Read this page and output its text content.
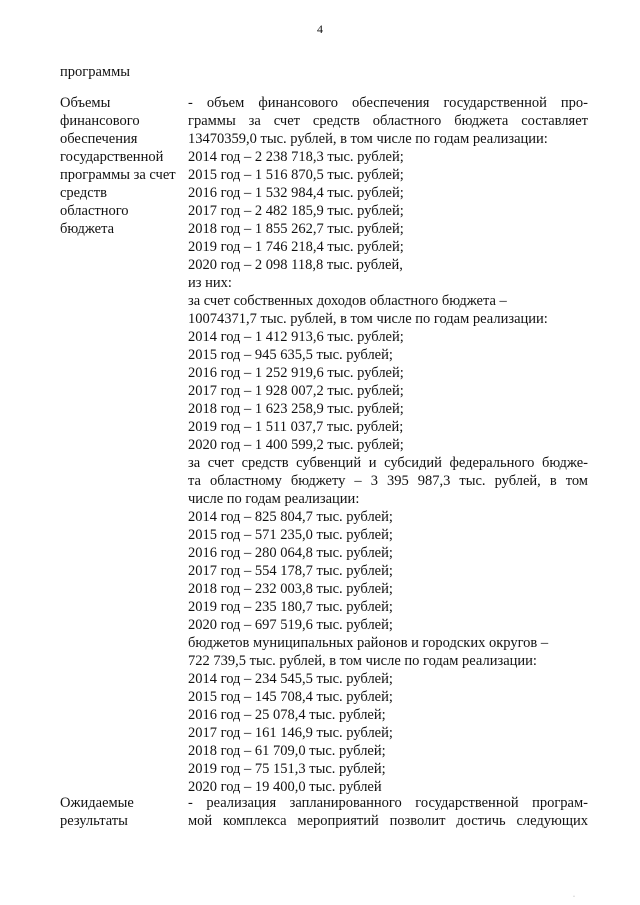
4
программы
Объемы
финансового
обеспечения
государственной
программы за счет
средств
областного
бюджета
- объем финансового обеспечения государственной про-
граммы за счет средств областного бюджета составляет
13470359,0 тыс. рублей, в том числе по годам реализации:
2014 год – 2 238 718,3 тыс. рублей;
2015 год – 1 516 870,5 тыс. рублей;
2016 год – 1 532 984,4 тыс. рублей;
2017 год – 2 482 185,9 тыс. рублей;
2018 год – 1 855 262,7 тыс. рублей;
2019 год – 1 746 218,4 тыс. рублей;
2020 год – 2 098 118,8 тыс. рублей,
из них:
за счет собственных доходов областного бюджета –
10074371,7 тыс. рублей, в том числе по годам реализации:
2014 год – 1 412 913,6 тыс. рублей;
2015 год – 945 635,5 тыс. рублей;
2016 год – 1 252 919,6 тыс. рублей;
2017 год – 1 928 007,2 тыс. рублей;
2018 год – 1 623 258,9 тыс. рублей;
2019 год – 1 511 037,7 тыс. рублей;
2020 год – 1 400 599,2 тыс. рублей;
за счет средств субвенций и субсидий федерального бюдже-
та областному бюджету – 3 395 987,3 тыс. рублей, в том
числе по годам реализации:
2014 год – 825 804,7 тыс. рублей;
2015 год – 571 235,0 тыс. рублей;
2016 год – 280 064,8 тыс. рублей;
2017 год – 554 178,7 тыс. рублей;
2018 год – 232 003,8 тыс. рублей;
2019 год – 235 180,7 тыс. рублей;
2020 год – 697 519,6 тыс. рублей;
бюджетов муниципальных районов и городских округов –
722 739,5 тыс. рублей, в том числе по годам реализации:
2014 год – 234 545,5 тыс. рублей;
2015 год – 145 708,4 тыс. рублей;
2016 год – 25 078,4 тыс. рублей;
2017 год – 161 146,9 тыс. рублей;
2018 год – 61 709,0 тыс. рублей;
2019 год – 75 151,3 тыс. рублей;
2020 год – 19 400,0 тыс. рублей
Ожидаемые
результаты
- реализация запланированного государственной програм-
мой комплекса мероприятий позволит достичь следующих
·
